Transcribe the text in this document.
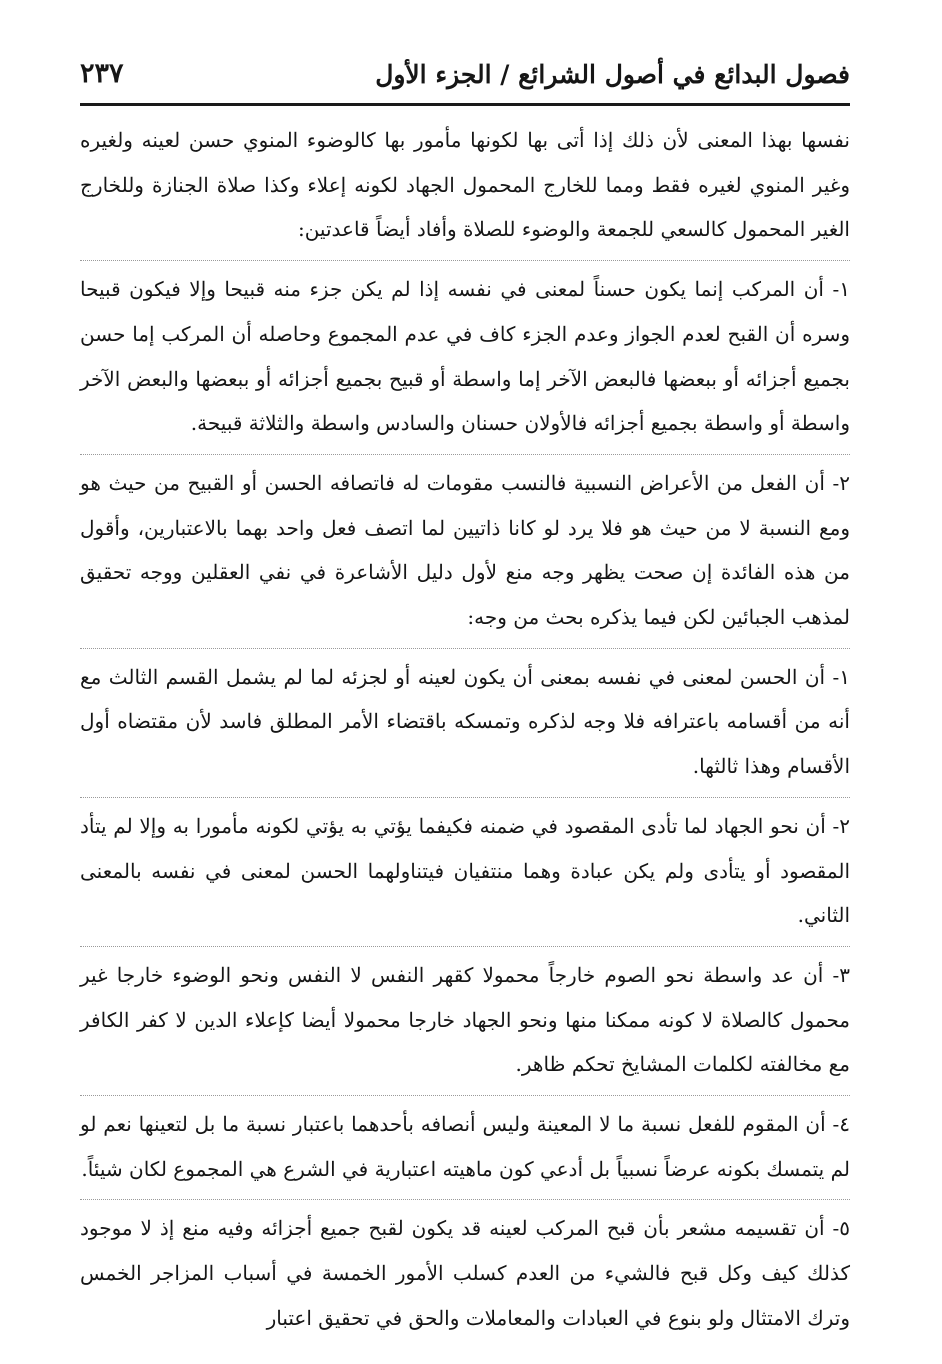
فصول البدائع في أصول الشرائع / الجزء الأول
٢٣٧

نفسها بهذا المعنى لأن ذلك إذا أتى بها لكونها مأمور بها كالوضوء المنوي حسن لعينه ولغيره وغير المنوي لغيره فقط ومما للخارج المحمول الجهاد لكونه إعلاء وكذا صلاة الجنازة وللخارج الغير المحمول كالسعي للجمعة والوضوء للصلاة وأفاد أيضاً قاعدتين:

١- أن المركب إنما يكون حسناً لمعنى في نفسه إذا لم يكن جزء منه قبيحا وإلا فيكون قبيحا وسره أن القبح لعدم الجواز وعدم الجزء كاف في عدم المجموع وحاصله أن المركب إما حسن بجميع أجزائه أو ببعضها فالبعض الآخر إما واسطة أو قبيح بجميع أجزائه أو ببعضها والبعض الآخر واسطة أو واسطة بجميع أجزائه فالأولان حسنان والسادس واسطة والثلاثة قبيحة.

٢- أن الفعل من الأعراض النسبية فالنسب مقومات له فاتصافه الحسن أو القبيح من حيث هو ومع النسبة لا من حيث هو فلا يرد لو كانا ذاتيين لما اتصف فعل واحد بهما بالاعتبارين، وأقول من هذه الفائدة إن صحت يظهر وجه منع لأول دليل الأشاعرة في نفي العقلين ووجه تحقيق لمذهب الجبائين لكن فيما يذكره بحث من وجه:

١- أن الحسن لمعنى في نفسه بمعنى أن يكون لعينه أو لجزئه لما لم يشمل القسم الثالث مع أنه من أقسامه باعترافه فلا وجه لذكره وتمسكه باقتضاء الأمر المطلق فاسد لأن مقتضاه أول الأقسام وهذا ثالثها.

٢- أن نحو الجهاد لما تأدى المقصود في ضمنه فكيفما يؤتي به يؤتي لكونه مأمورا به وإلا لم يتأد المقصود أو يتأدى ولم يكن عبادة وهما منتفيان فيتناولهما الحسن لمعنى في نفسه بالمعنى الثاني.

٣- أن عد واسطة نحو الصوم خارجاً محمولا كقهر النفس لا النفس ونحو الوضوء خارجا غير محمول كالصلاة لا كونه ممكنا منها ونحو الجهاد خارجا محمولا أيضا كإعلاء الدين لا كفر الكافر مع مخالفته لكلمات المشايخ تحكم ظاهر.

٤- أن المقوم للفعل نسبة ما لا المعينة وليس أنصافه بأحدهما باعتبار نسبة ما بل لتعينها نعم لو لم يتمسك بكونه عرضاً نسبياً بل أدعي كون ماهيته اعتبارية في الشرع هي المجموع لكان شيئاً.

٥- أن تقسيمه مشعر بأن قبح المركب لعينه قد يكون لقبح جميع أجزائه وفيه منع إذ لا موجود كذلك كيف وكل قبح فالشيء من العدم كسلب الأمور الخمسة في أسباب المزاجر الخمس وترك الامتثال ولو بنوع في العبادات والمعاملات والحق في تحقيق اعتبار
